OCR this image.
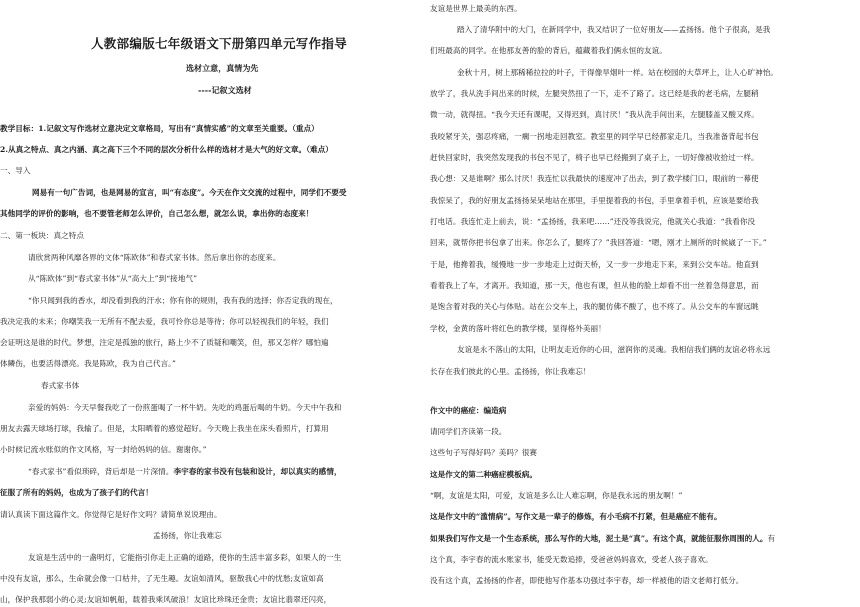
人教部编版七年级语文下册第四单元写作指导
选材立意，真情为先
----记叙文选材
教学目标：1.记叙文写作选材立意决定文章格局，写出有“真情实感”的文章至关重要。（重点）
2.从真之特点、真之内涵、真之高下三个不同的层次分析什么样的选材才是大气的好文章。（难点）
一、导入
网易有一句广告词，也是网易的宣言，叫“有态度”。今天在作文交流的过程中，同学们不要受
其他同学的评价的影响，也不要管老师怎么评价，自己怎么想，就怎么说，拿出你的态度来！
二、第一板块：真之特点
请欣赏两种风靡各界的文体“陈欧体”和春式家书体。然后拿出你的态度来。
从“陈欧体”到“春式家书体”从“高大上”到“接地气”
“你只闻到我的香水，却没看到我的汗水；你有你的规则，我有我的选择；你否定我的现在，
我决定我的未来；你嘲笑我一无所有不配去爱，我可怜你总是等待；你可以轻视我们的年轻，我们
会证明这是谁的时代。梦想，注定是孤独的旅行，路上少不了质疑和嘲笑，但，那又怎样？哪怕遍
体鳞伤，也要活得漂亮。我是陈欧，我为自己代言。”
春式家书体
亲爱的妈妈：今天早餐我吃了一份煎蛋喝了一杯牛奶。先吃的鸡蛋后喝的牛奶。今天中午我和
朋友去露天球场打球，我输了。但是，太阳晒着的感觉超好。今天晚上我坐在床头看照片，打算用
小时候记流水账似的作文风格，写一封给妈妈的信。谢谢你。”
“春式家书”看似琐碎，背后却是一片深情。李宇春的家书没有包装和设计，却以真实的感情，
征服了所有的妈妈，也成为了孩子们的代言！
请认真读下面这篇作文。你觉得它是好作文吗？请简单说说理由。
孟扬扬，你让我难忘
友谊是生活中的一盏明灯，它能指引你走上正确的道路，使你的生活丰富多彩，如果人的一生
中没有友谊，那么，生命就会像一口枯井，了无生趣。友谊如清风，驱散我心中的忧愁;友谊如高
山，保护我那弱小的心灵;友谊如帆船，载着我乘风破浪！友谊比珍珠还金贵；友谊比翡翠还闪亮，
友谊是世界上最美的东西。
踏入了清华附中的大门，在新同学中，我又结识了一位好朋友——孟扬扬。他个子很高，是我
们班最高的同学。在他那友善的脸的背后，蕴藏着我们俩永恒的友谊。
金秋十月，树上那稀稀拉拉的叶子，干得像旱烟叶一样。站在校园的大草坪上，让人心旷神怡。
放学了，我从洗手间出来的时候，左腿突然扭了一下，走不了路了。这已经是我的老毛病，左腿稍
微一动，就得扭。“我今天还有课呢，又得迟到，真讨厌！”我从洗手间出来，左腿膝盖又酸又疼。
我咬紧牙关，强忍疼痛，一瘸一拐地走回教室。教室里的同学早已经都家走几，当我准备背起书包
赶快回家时，我突然发现我的书包不见了，椅子也早已经搬到了桌子上，一切好像被收拾过一样。
我心想：又是谁啊？那么讨厌！我连忙以我最快的速度冲了出去，到了教学楼门口，眼前的一幕使
我惊呆了，我的好朋友孟扬扬呆呆地站在那里，手里提着我的书包，手里拿着手机，应该是要给我
打电话。我连忙走上前去，说：“孟扬扬，我来吧……”还没等我说完，他就关心我道：“我看你没
回来，就帮你把书包拿了出来。你怎么了，腿疼了？”我回答道：“嗯，刚才上厕所的时候崴了一下。”
于是，他搀着我，缓慢地一步一步地走上过街天桥，又一步一步地走下来，来到公交车站。他直到
看着我上了车，才离开。我知道，那一天，他也有课，但从他的脸上却看不出一丝着急得意思，而
是饱含着对我的关心与体贴。站在公交车上，我的腿仿佛不酸了，也不疼了。从公交车的车窗远眺
学校，金黄的落叶将红色的教学楼，显得格外美丽！
友谊是永不落山的太阳，让明友走近你的心田，滋润你的灵魂。我相信我们俩的友谊必将永远
长存在我们彼此的心里。孟扬扬，你让我难忘！
作文中的癌症：编造病
请同学们齐读第一段。
这些句子写得好吗？美吗？很赛
这是作文的第二种癌症模板病。
“啊，友谊是太阳，可爱，友谊是多么让人难忘啊，你是我永远的朋友啊！”
这是作文中的“滥情病”。写作文是一辈子的修炼，有小毛病不打紧，但是癌症不能有。
如果我们写作文是一个生态系统，那么写作的大地，泥土是“真”。有这个真，就能征服你周围的人。有
这个真，李宇春的流水账家书，能受无数追捧，受爸爸妈妈喜欢，受老人孩子喜欢。
没有这个真，孟扬扬的作者，即使他写作基本功强过李宇春，却一样被他的语文老师打低分。
